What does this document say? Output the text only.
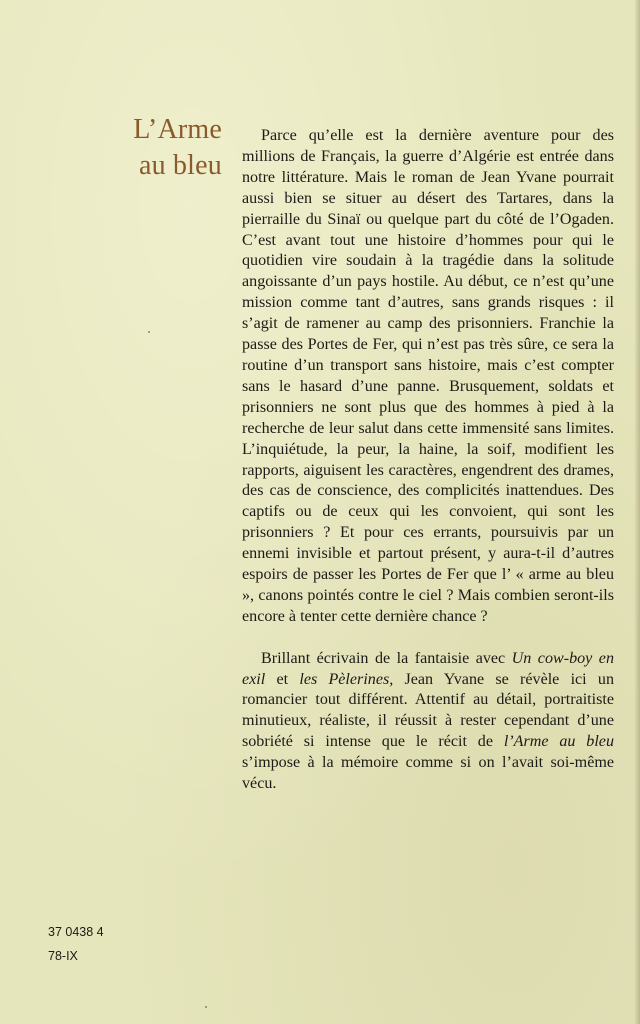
L’Arme
au bleu

Parce qu’elle est la dernière aventure pour des millions de Français, la guerre d’Algérie est entrée dans notre littérature. Mais le roman de Jean Yvane pourrait aussi bien se situer au désert des Tartares, dans la pierraille du Sinaï ou quelque part du côté de l’Ogaden. C’est avant tout une histoire d’hommes pour qui le quotidien vire soudain à la tragédie dans la solitude angoissante d’un pays hostile. Au début, ce n’est qu’une mission comme tant d’autres, sans grands risques : il s’agit de ramener au camp des prisonniers. Franchie la passe des Portes de Fer, qui n’est pas très sûre, ce sera la routine d’un transport sans histoire, mais c’est compter sans le hasard d’une panne. Brusquement, soldats et prisonniers ne sont plus que des hommes à pied à la recherche de leur salut dans cette immensité sans limites. L’inquiétude, la peur, la haine, la soif, modifient les rapports, aiguisent les caractères, engendrent des drames, des cas de conscience, des complicités inattendues. Des captifs ou de ceux qui les convoient, qui sont les prisonniers ? Et pour ces errants, poursuivis par un ennemi invisible et partout présent, y aura-t-il d’autres espoirs de passer les Portes de Fer que l’ « arme au bleu », canons pointés contre le ciel ? Mais combien seront-ils encore à tenter cette dernière chance ?

Brillant écrivain de la fantaisie avec Un cow-boy en exil et les Pèlerines, Jean Yvane se révèle ici un romancier tout différent. Attentif au détail, portraitiste minutieux, réaliste, il réussit à rester cependant d’une sobriété si intense que le récit de l’Arme au bleu s’impose à la mémoire comme si on l’avait soi-même vécu.

37 0438 4
78-IX
